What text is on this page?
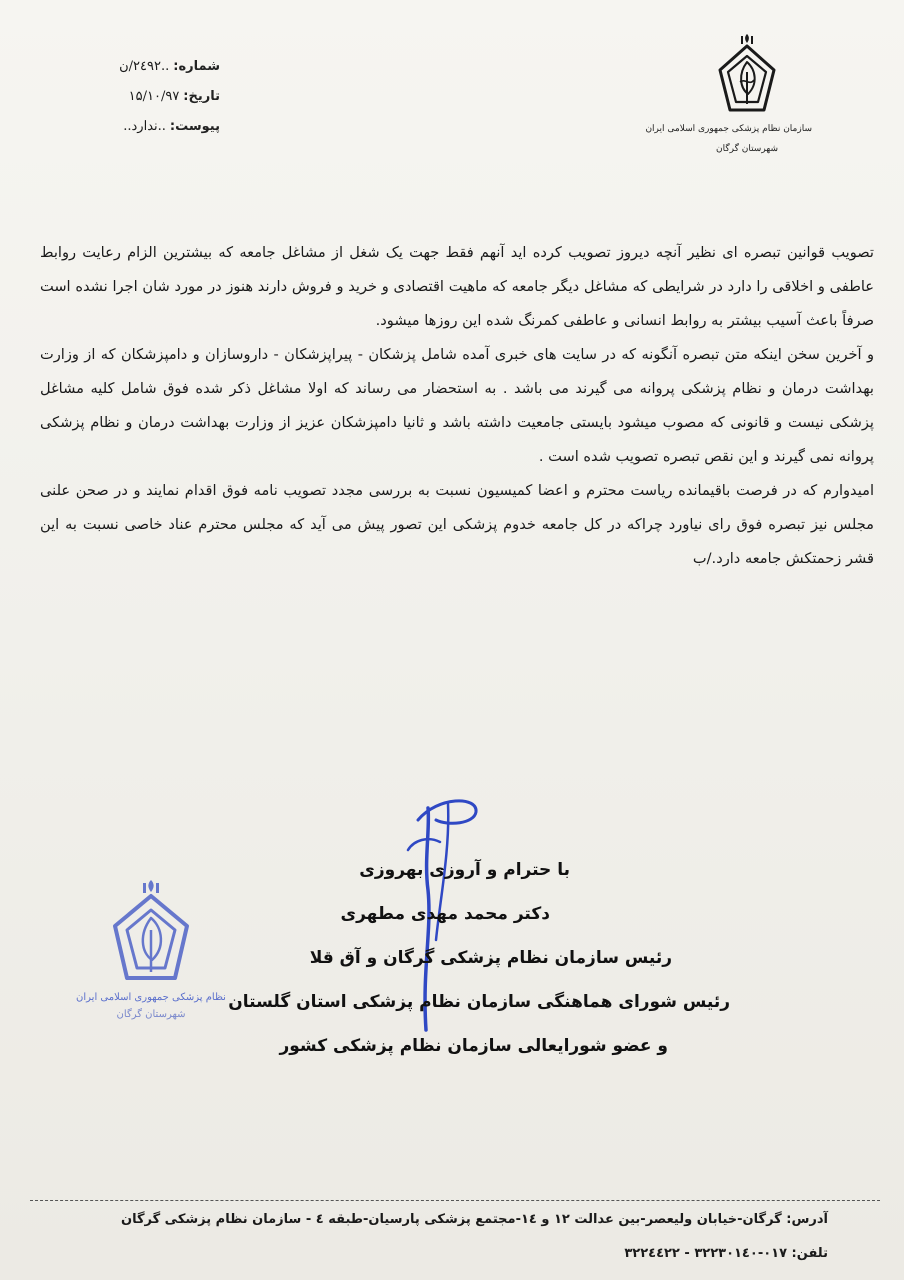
شماره:..۲٤۹۲/ن
تاریخ:۱۵/۱۰/۹۷
پیوست:..ندارد..	سازمان نظام پزشکی جمهوری اسلامی ایران
شهرستان گرگان

تصویب قوانین تبصره ای نظیر آنچه دیروز تصویب کرده اید آنهم فقط جهت یک شغل از مشاغل جامعه که بیشترین الزام رعایت روابط عاطفی و اخلاقی را دارد در شرایطی که مشاغل دیگر جامعه که ماهیت اقتصادی و خرید و فروش دارند هنوز در مورد شان اجرا نشده است صرفاً باعث آسیب بیشتر به روابط انسانی و عاطفی کمرنگ شده این روزها میشود.

و آخرین سخن اینکه متن تبصره آنگونه که در سایت های خبری آمده شامل پزشکان - پیراپزشکان - داروسازان و دامپزشکان که از وزارت بهداشت درمان و نظام پزشکی پروانه می گیرند می باشد . به استحضار می رساند که اولا مشاغل ذکر شده فوق شامل کلیه مشاغل پزشکی نیست و قانونی که مصوب میشود بایستی جامعیت داشته باشد و ثانیا دامپزشکان عزیز از وزارت بهداشت درمان و نظام پزشکی پروانه نمی گیرند و این نقص تبصره تصویب شده است .

امیدوارم که در فرصت باقیمانده ریاست محترم و اعضا کمیسیون نسبت به بررسی مجدد تصویب نامه فوق اقدام نمایند و در صحن علنی مجلس نیز تبصره فوق رای نیاورد چراکه در کل جامعه خدوم پزشکی این تصور پیش می آید که مجلس محترم عناد خاصی نسبت به این قشر زحمتکش جامعه دارد./ب

با حترام و آروزی بهروزی
دکتر محمد مهدی مطهری
رئیس سازمان نظام پزشکی گرگان و آق قلا
رئیس شورای هماهنگی سازمان نظام پزشکی استان گلستان
و عضو شورایعالی سازمان نظام پزشکی کشور
نظام پزشکی جمهوری اسلامی ایران
شهرستان گرگان
آدرس: گرگان-خیابان ولیعصر-بین عدالت ۱۲ و ۱٤-مجتمع پزشکی پارسیان-طبقه ٤ - سازمان نظام پزشکی گرگان
تلفن: ۰۱۷-۳۲۲۳۰۱٤۰ - ۳۲۲٤٤۲۲
